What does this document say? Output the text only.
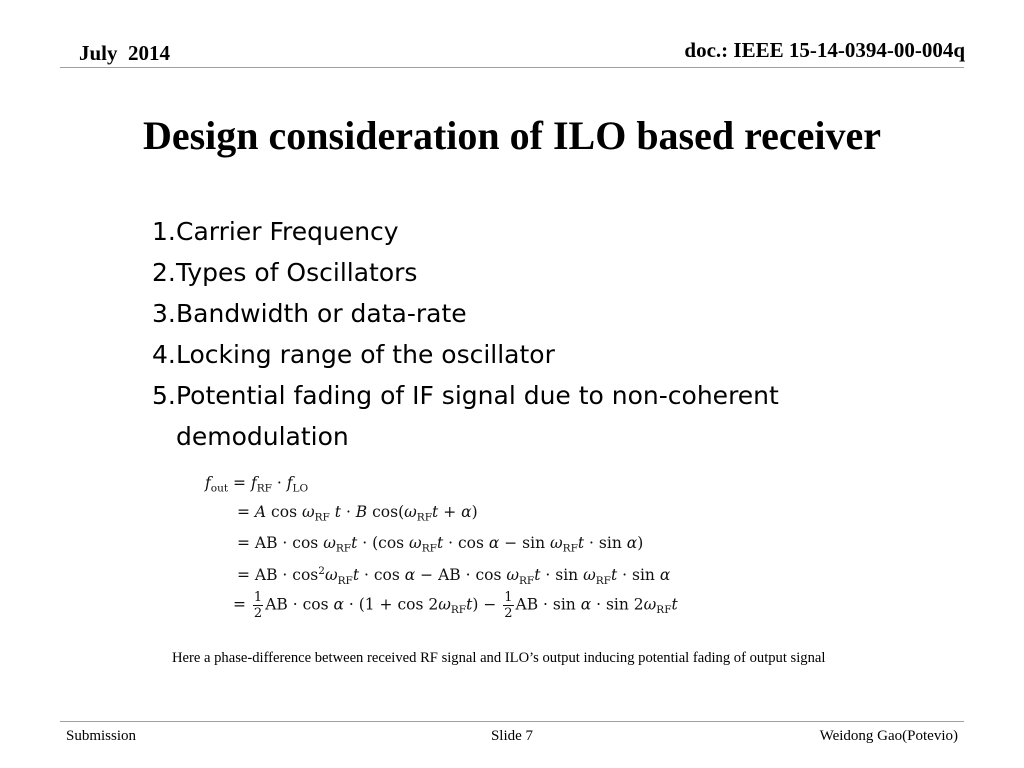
July  2014	doc.: IEEE 15-14-0394-00-004q
Design consideration of ILO based receiver
1. Carrier Frequency
2. Types of Oscillators
3. Bandwidth or data-rate
4. Locking range of the oscillator
5. Potential fading of IF signal due to non-coherent demodulation
$f_{out} = f_{RF} \cdot f_{LO}$
= A $\cos \omega_{RF}$ t · B $\cos(\omega_{RF}t + \alpha)$
= AB · $\cos \omega_{RF}t \cdot (\cos$ $\omega_{RF}t \cdot \cos \alpha - \sin \omega_{RF}t \cdot \sin \alpha$)
= AB · $\cos^2\omega_{RF}t \cdot \cos \alpha$ − AB · $\cos \omega_{RF}t \cdot \sin \omega_{RF}t \cdot \sin \alpha$
= $\frac{1}{2}$ AB · $\cos \alpha \cdot (1 + \cos 2\omega_{RF}t) - \frac{1}{2}$ AB · $\sin \alpha \cdot \sin 2\omega_{RF}t$
Here a phase-difference between received RF signal and ILO’s output inducing potential fading of output signal
Submission	Slide 7	Weidong Gao(Potevio)
